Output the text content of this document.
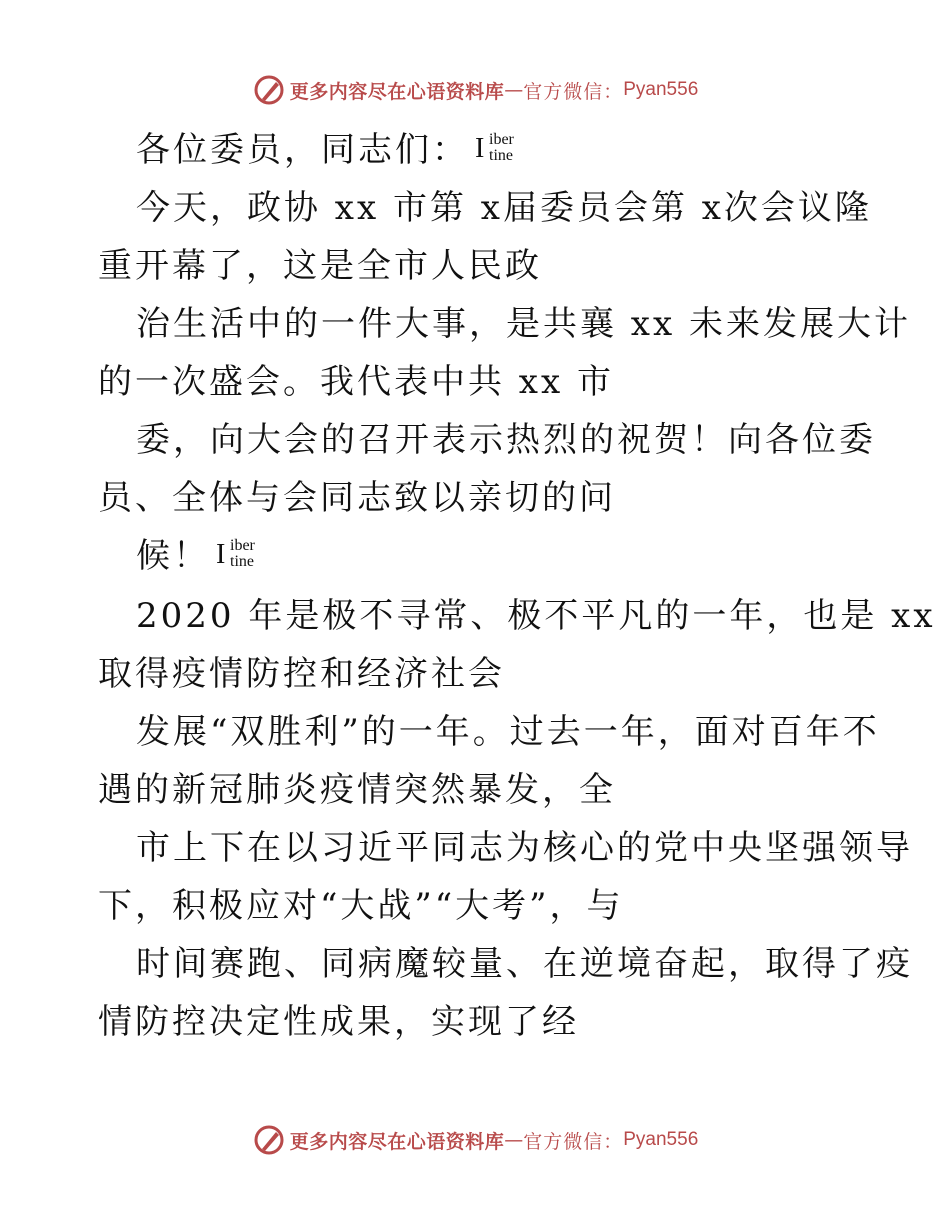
更多内容尽在心语资料库 — 官方微信： Pyan556
各位委员，同志们： I iber
tine
今天，政协 xx 市第 x届委员会第 x次会议隆
重开幕了，这是全市人民政
治生活中的一件大事，是共襄 xx 未来发展大计
的一次盛会。我代表中共 xx 市
委，向大会的召开表示热烈的祝贺！向各位委
员、全体与会同志致以亲切的问
候！ I iber
tine
2020 年是极不寻常、极不平凡的一年，也是 xx
取得疫情防控和经济社会
发展“双胜利”的一年。过去一年，面对百年不
遇的新冠肺炎疫情突然暴发，全
市上下在以习近平同志为核心的党中央坚强领导
下，积极应对“大战”“大考”，与
时间赛跑、同病魔较量、在逆境奋起，取得了疫
情防控决定性成果，实现了经
更多内容尽在心语资料库 — 官方微信： Pyan556
